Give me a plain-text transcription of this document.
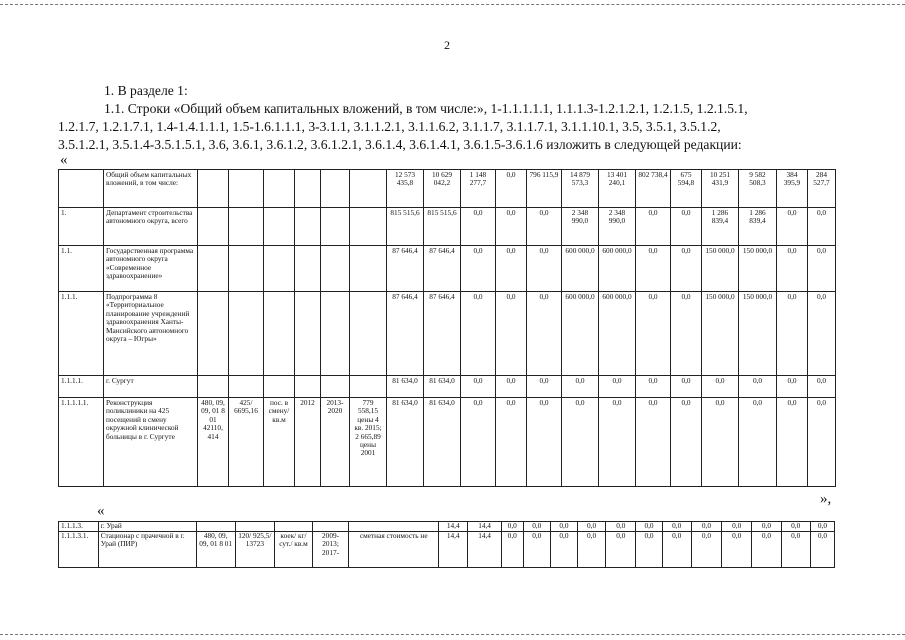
2
1. В разделе 1:
1.1. Строки «Общий объем капитальных вложений, в том числе:», 1-1.1.1.1.1, 1.1.1.3-1.2.1.2.1, 1.2.1.5, 1.2.1.5.1,
1.2.1.7, 1.2.1.7.1, 1.4-1.4.1.1.1, 1.5-1.6.1.1.1, 3-3.1.1, 3.1.1.2.1, 3.1.1.6.2, 3.1.1.7, 3.1.1.7.1, 3.1.1.10.1, 3.5, 3.5.1, 3.5.1.2,
3.5.1.2.1, 3.5.1.4-3.5.1.5.1, 3.6, 3.6.1, 3.6.1.2, 3.6.1.2.1, 3.6.1.4, 3.6.1.4.1, 3.6.1.5-3.6.1.6 изложить в следующей редакции:
«
	Общий объем капитальных вложений, в том числе:							12 573 435,8	10 629 042,2	1 148 277,7	0,0	796 115,9	14 879 573,3	13 401 240,1	802 738,4	675 594,8	10 251 431,9	9 582 508,3	384 395,9	284 527,7
1.	Департамент строительства автономного округа, всего							815 515,6	815 515,6	0,0	0,0	0,0	2 348 990,0	2 348 990,0	0,0	0,0	1 286 839,4	1 286 839,4	0,0	0,0
1.1.	Государственная программа автономного округа «Современное здравоохранение»							87 646,4	87 646,4	0,0	0,0	0,0	600 000,0	600 000,0	0,0	0,0	150 000,0	150 000,0	0,0	0,0
1.1.1.	Подпрограмма 8 «Территориальное планирование учреждений здравоохранения Ханты-Мансийского автономного округа – Югры»							87 646,4	87 646,4	0,0	0,0	0,0	600 000,0	600 000,0	0,0	0,0	150 000,0	150 000,0	0,0	0,0
1.1.1.1.	г. Сургут							81 634,0	81 634,0	0,0	0,0	0,0	0,0	0,0	0,0	0,0	0,0	0,0	0,0	0,0
1.1.1.1.1.	Реконструкция поликлиники на 425 посещений в смену окружной клинической больницы в г. Сургуте	480, 09, 09, 01 8 01 42110, 414	425/ 6695,16	пос. в смену/ кв.м	2012	2013- 2020	779 558,15 цены 4 кв. 2015; 2 665,89 цены 2001	81 634,0	81 634,0	0,0	0,0	0,0	0,0	0,0	0,0	0,0	0,0	0,0	0,0	0,0
»,
«
1.1.1.3.	г. Урай						14,4	14,4	0,0	0,0	0,0	0,0	0,0	0,0	0,0	0,0	0,0	0,0	0,0	0,0
1.1.1.3.1.	Стационар с прачечной в г. Урай (ПИР)	480, 09, 09, 01 8 01	120/ 925,5/ 13723	коек/ кг/ сут./ кв.м	2009- 2013; 2017-	сметная стоимость не	14,4	14,4	0,0	0,0	0,0	0,0	0,0	0,0	0,0	0,0	0,0	0,0	0,0	0,0
